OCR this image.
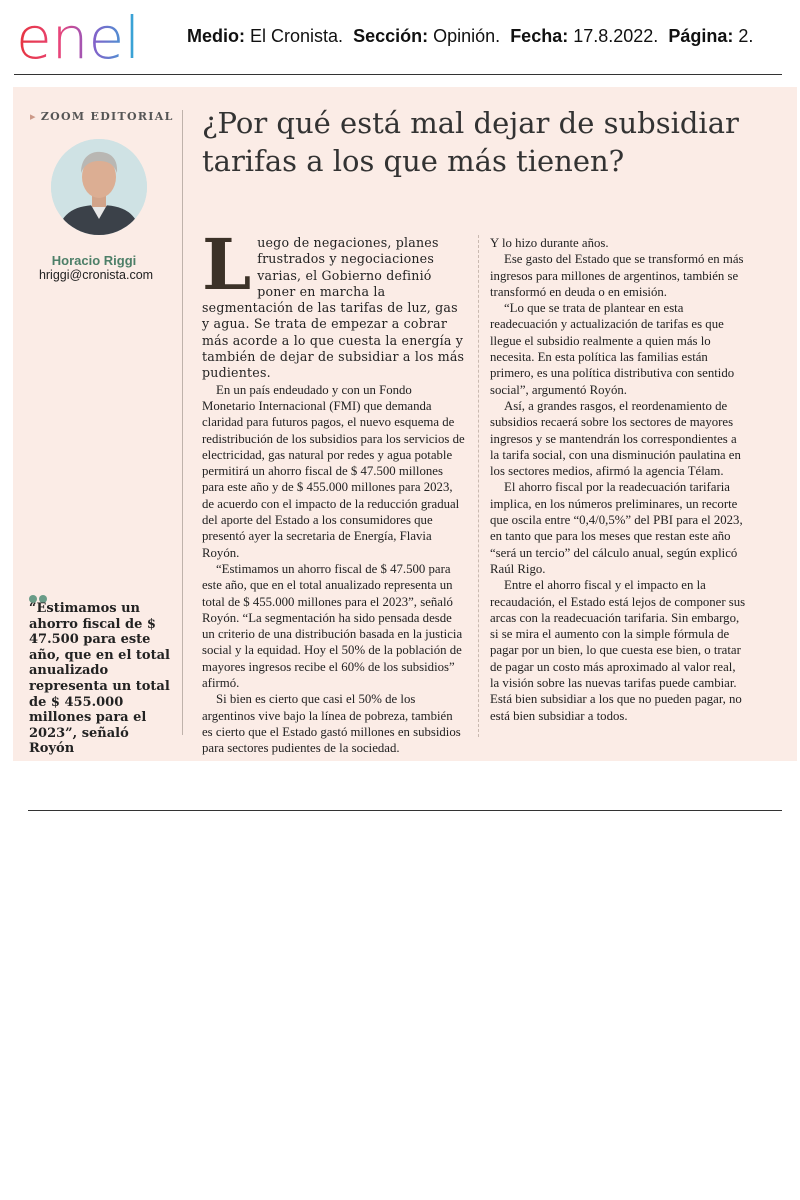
enel	Medio: El Cronista. Sección: Opinión. Fecha: 17.8.2022. Página: 2.
▸ ZOOM EDITORIAL
Horacio Riggi
hriggi@cronista.com
“Estimamos un ahorro fiscal de $ 47.500 para este año, que en el total anualizado representa un total de $ 455.000 millones para el 2023”, señaló Royón
¿Por qué está mal dejar de subsidiar tarifas a los que más tienen?

Luego de negaciones, planes frustrados y negociaciones varias, el Gobierno definió poner en marcha la segmentación de las tarifas de luz, gas y agua. Se trata de empezar a cobrar más acorde a lo que cuesta la energía y también de dejar de subsidiar a los más pudientes.

En un país endeudado y con un Fondo Monetario Internacional (FMI) que demanda claridad para futuros pagos, el nuevo esquema de redistribución de los subsidios para los servicios de electricidad, gas natural por redes y agua potable permitirá un ahorro fiscal de $ 47.500 millones para este año y de $ 455.000 millones para 2023, de acuerdo con el impacto de la reducción gradual del aporte del Estado a los consumidores que presentó ayer la secretaria de Energía, Flavia Royón.

“Estimamos un ahorro fiscal de $ 47.500 para este año, que en el total anualizado representa un total de $ 455.000 millones para el 2023”, señaló Royón. “La segmentación ha sido pensada desde un criterio de una distribución basada en la justicia social y la equidad. Hoy el 50% de la población de mayores ingresos recibe el 60% de los subsidios” afirmó.

Si bien es cierto que casi el 50% de los argentinos vive bajo la línea de pobreza, también es cierto que el Estado gastó millones en subsidios para sectores pudientes de la sociedad.

Y lo hizo durante años.

Ese gasto del Estado que se transformó en más ingresos para millones de argentinos, también se transformó en deuda o en emisión.

“Lo que se trata de plantear en esta readecuación y actualización de tarifas es que llegue el subsidio realmente a quien más lo necesita. En esta política las familias están primero, es una política distributiva con sentido social”, argumentó Royón.

Así, a grandes rasgos, el reordenamiento de subsidios recaerá sobre los sectores de mayores ingresos y se mantendrán los correspondientes a la tarifa social, con una disminución paulatina en los sectores medios, afirmó la agencia Télam.

El ahorro fiscal por la readecuación tarifaria implica, en los números preliminares, un recorte que oscila entre “0,4/0,5%” del PBI para el 2023, en tanto que para los meses que restan este año “será un tercio” del cálculo anual, según explicó Raúl Rigo.

Entre el ahorro fiscal y el impacto en la recaudación, el Estado está lejos de componer sus arcas con la readecuación tarifaria. Sin embargo, si se mira el aumento con la simple fórmula de pagar por un bien, lo que cuesta ese bien, o tratar de pagar un costo más aproximado al valor real, la visión sobre las nuevas tarifas puede cambiar. Está bien subsidiar a los que no pueden pagar, no está bien subsidiar a todos.
